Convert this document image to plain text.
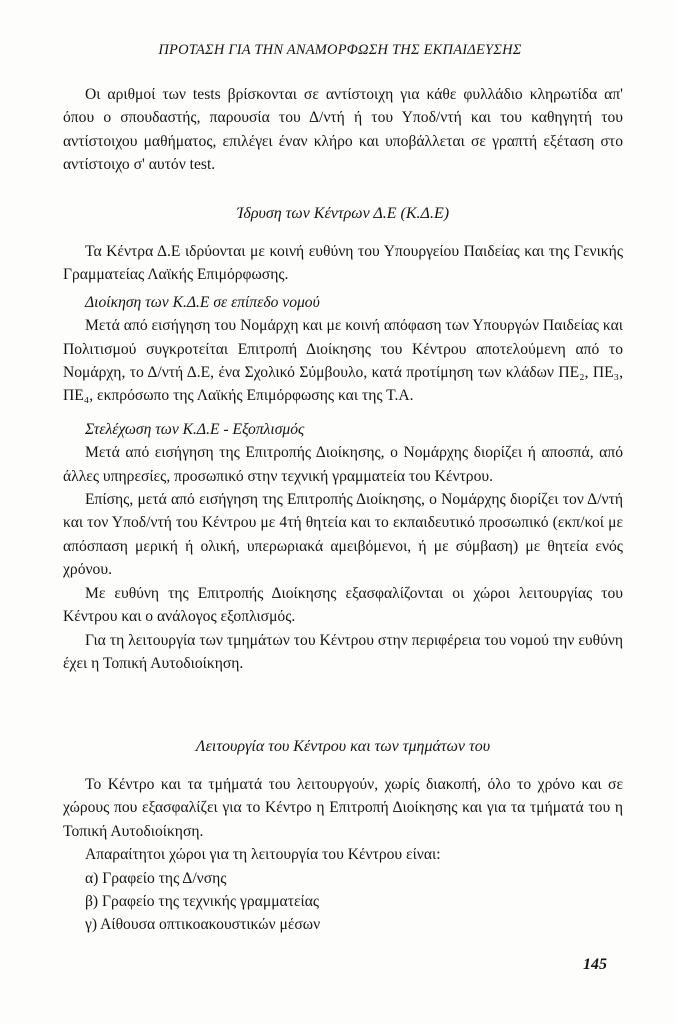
ΠΡΟΤΑΣΗ ΓΙΑ ΤΗΝ ΑΝΑΜΟΡΦΩΣΗ ΤΗΣ ΕΚΠΑΙΔΕΥΣΗΣ

Οι αριθμοί των tests βρίσκονται σε αντίστοιχη για κάθε φυλλάδιο κληρωτίδα απ' όπου ο σπουδαστής, παρουσία του Δ/ντή ή του Υποδ/ντή και του καθηγητή του αντίστοιχου μαθήματος, επιλέγει έναν κλήρο και υποβάλλεται σε γραπτή εξέταση στο αντίστοιχο σ' αυτόν test.

Ίδρυση των Κέντρων Δ.Ε (Κ.Δ.Ε)

Τα Κέντρα Δ.Ε ιδρύονται με κοινή ευθύνη του Υπουργείου Παιδείας και της Γενικής Γραμματείας Λαϊκής Επιμόρφωσης.

Διοίκηση των Κ.Δ.Ε σε επίπεδο νομού

Μετά από εισήγηση του Νομάρχη και με κοινή απόφαση των Υπουργών Παιδείας και Πολιτισμού συγκροτείται Επιτροπή Διοίκησης του Κέντρου αποτελούμενη από το Νομάρχη, το Δ/ντή Δ.Ε, ένα Σχολικό Σύμβουλο, κατά προτίμηση των κλάδων ΠΕ₂, ΠΕ₃, ΠΕ₄, εκπρόσωπο της Λαϊκής Επιμόρφωσης και της Τ.Α.

Στελέχωση των Κ.Δ.Ε - Εξοπλισμός

Μετά από εισήγηση της Επιτροπής Διοίκησης, ο Νομάρχης διορίζει ή αποσπά, από άλλες υπηρεσίες, προσωπικό στην τεχνική γραμματεία του Κέντρου.

Επίσης, μετά από εισήγηση της Επιτροπής Διοίκησης, ο Νομάρχης διορίζει τον Δ/ντή και τον Υποδ/ντή του Κέντρου με 4τή θητεία και το εκπαιδευτικό προσωπικό (εκπ/κοί με απόσπαση μερική ή ολική, υπερωριακά αμειβόμενοι, ή με σύμβαση) με θητεία ενός χρόνου.

Με ευθύνη της Επιτροπής Διοίκησης εξασφαλίζονται οι χώροι λειτουργίας του Κέντρου και ο ανάλογος εξοπλισμός.

Για τη λειτουργία των τμημάτων του Κέντρου στην περιφέρεια του νομού την ευθύνη έχει η Τοπική Αυτοδιοίκηση.

Λειτουργία του Κέντρου και των τμημάτων του

Το Κέντρο και τα τμήματά του λειτουργούν, χωρίς διακοπή, όλο το χρόνο και σε χώρους που εξασφαλίζει για το Κέντρο η Επιτροπή Διοίκησης και για τα τμήματά του η Τοπική Αυτοδιοίκηση.

Απαραίτητοι χώροι για τη λειτουργία του Κέντρου είναι:

α) Γραφείο της Δ/νσης

β) Γραφείο της τεχνικής γραμματείας

γ) Αίθουσα οπτικοακουστικών μέσων

145
